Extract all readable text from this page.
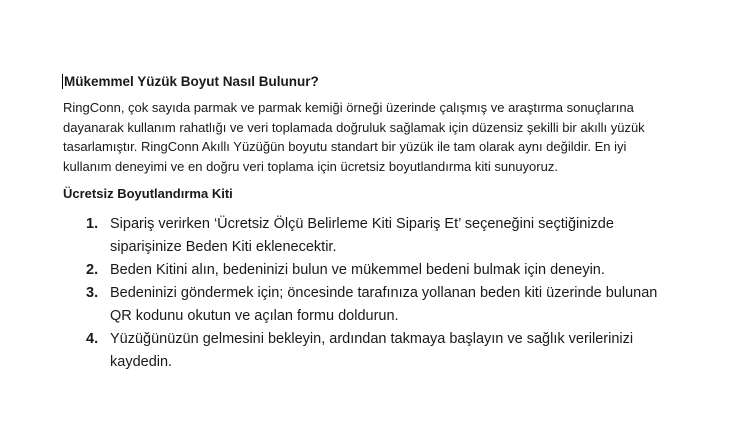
Mükemmel Yüzük Boyut Nasıl Bulunur?

RingConn, çok sayıda parmak ve parmak kemiği örneği üzerinde çalışmış ve araştırma sonuçlarına

dayanarak kullanım rahatlığı ve veri toplamada doğruluk sağlamak için düzensiz şekilli bir akıllı yüzük

tasarlamıştır. RingConn Akıllı Yüzüğün boyutu standart bir yüzük ile tam olarak aynı değildir. En iyi

kullanım deneyimi ve en doğru veri toplama için ücretsiz boyutlandırma kiti sunuyoruz.

Ücretsiz Boyutlandırma Kiti
1. Sipariş verirken ‘Ücretsiz Ölçü Belirleme Kiti Sipariş Et’ seçeneğini seçtiğinizde
siparişinize Beden Kiti eklenecektir.
2. Beden Kitini alın, bedeninizi bulun ve mükemmel bedeni bulmak için deneyin.
3. Bedeninizi göndermek için; öncesinde tarafınıza yollanan beden kiti üzerinde bulunan
QR kodunu okutun ve açılan formu doldurun.
4. Yüzüğünüzün gelmesini bekleyin, ardından takmaya başlayın ve sağlık verilerinizi
kaydedin.
